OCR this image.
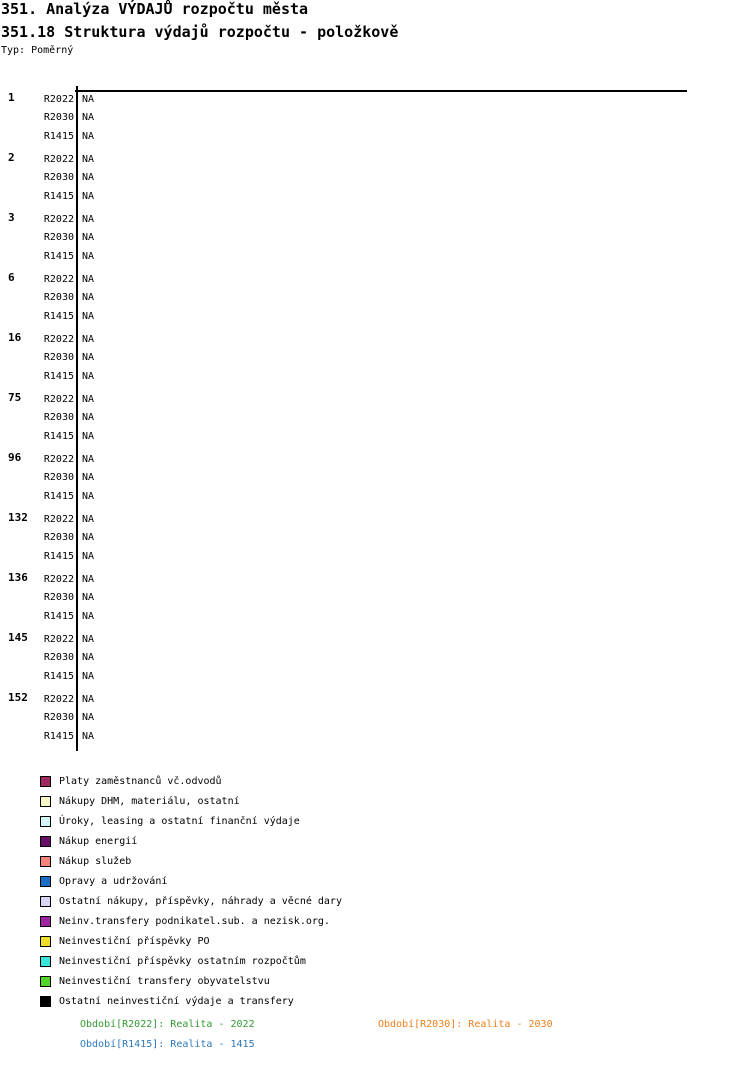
351. Analýza VÝDAJŮ rozpočtu města
351.18 Struktura výdajů rozpočtu - položkově
Typ: Poměrný
1	R2022 NA
R2030 NA
R1415 NA
2	R2022 NA
R2030 NA
R1415 NA
3	R2022 NA
R2030 NA
R1415 NA
6	R2022 NA
R2030 NA
R1415 NA
16	R2022 NA
R2030 NA
R1415 NA
75	R2022 NA
R2030 NA
R1415 NA
96	R2022 NA
R2030 NA
R1415 NA
132	R2022 NA
R2030 NA
R1415 NA
136	R2022 NA
R2030 NA
R1415 NA
145	R2022 NA
R2030 NA
R1415 NA
152	R2022 NA
R2030 NA
R1415 NA
Platy zaměstnanců vč.odvodů
Nákupy DHM, materiálu, ostatní
Úroky, leasing a ostatní finanční výdaje
Nákup energií
Nákup služeb
Opravy a udržování
Ostatní nákupy, příspěvky, náhrady a věcné dary
Neinv.transfery podnikatel.sub. a nezisk.org.
Neinvestiční příspěvky PO
Neinvestiční příspěvky ostatním rozpočtům
Neinvestiční transfery obyvatelstvu
Ostatní neinvestiční výdaje a transfery
Období[R2022]: Realita - 2022	Období[R2030]: Realita - 2030
Období[R1415]: Realita - 1415
